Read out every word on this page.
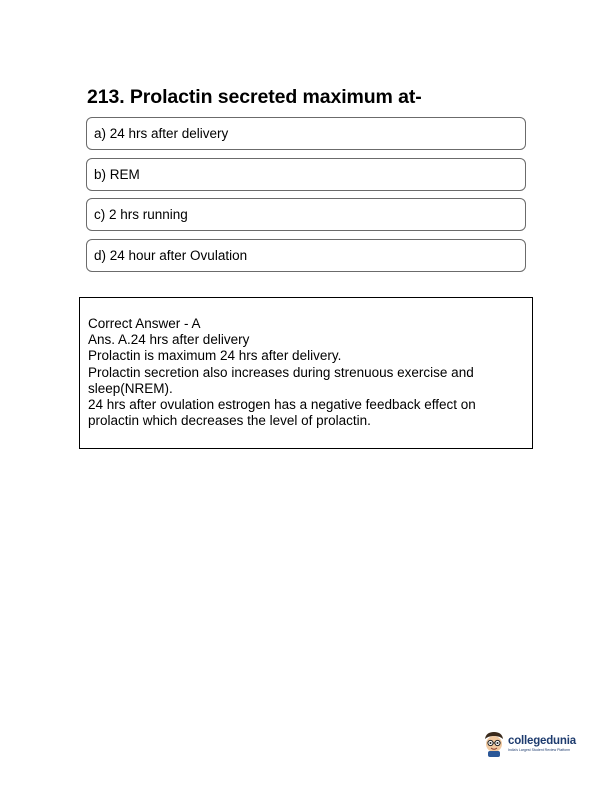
213. Prolactin secreted maximum at-
a) 24 hrs after delivery
b) REM
c) 2 hrs running
d) 24 hour after Ovulation

Correct Answer - A

Ans. A.24 hrs after delivery

Prolactin is maximum 24 hrs after delivery.

Prolactin secretion also increases during strenuous exercise and sleep(NREM).

24 hrs after ovulation estrogen has a negative feedback effect on prolactin which decreases the level of prolactin.

collegedunia
India's Largest Student Review Platform
